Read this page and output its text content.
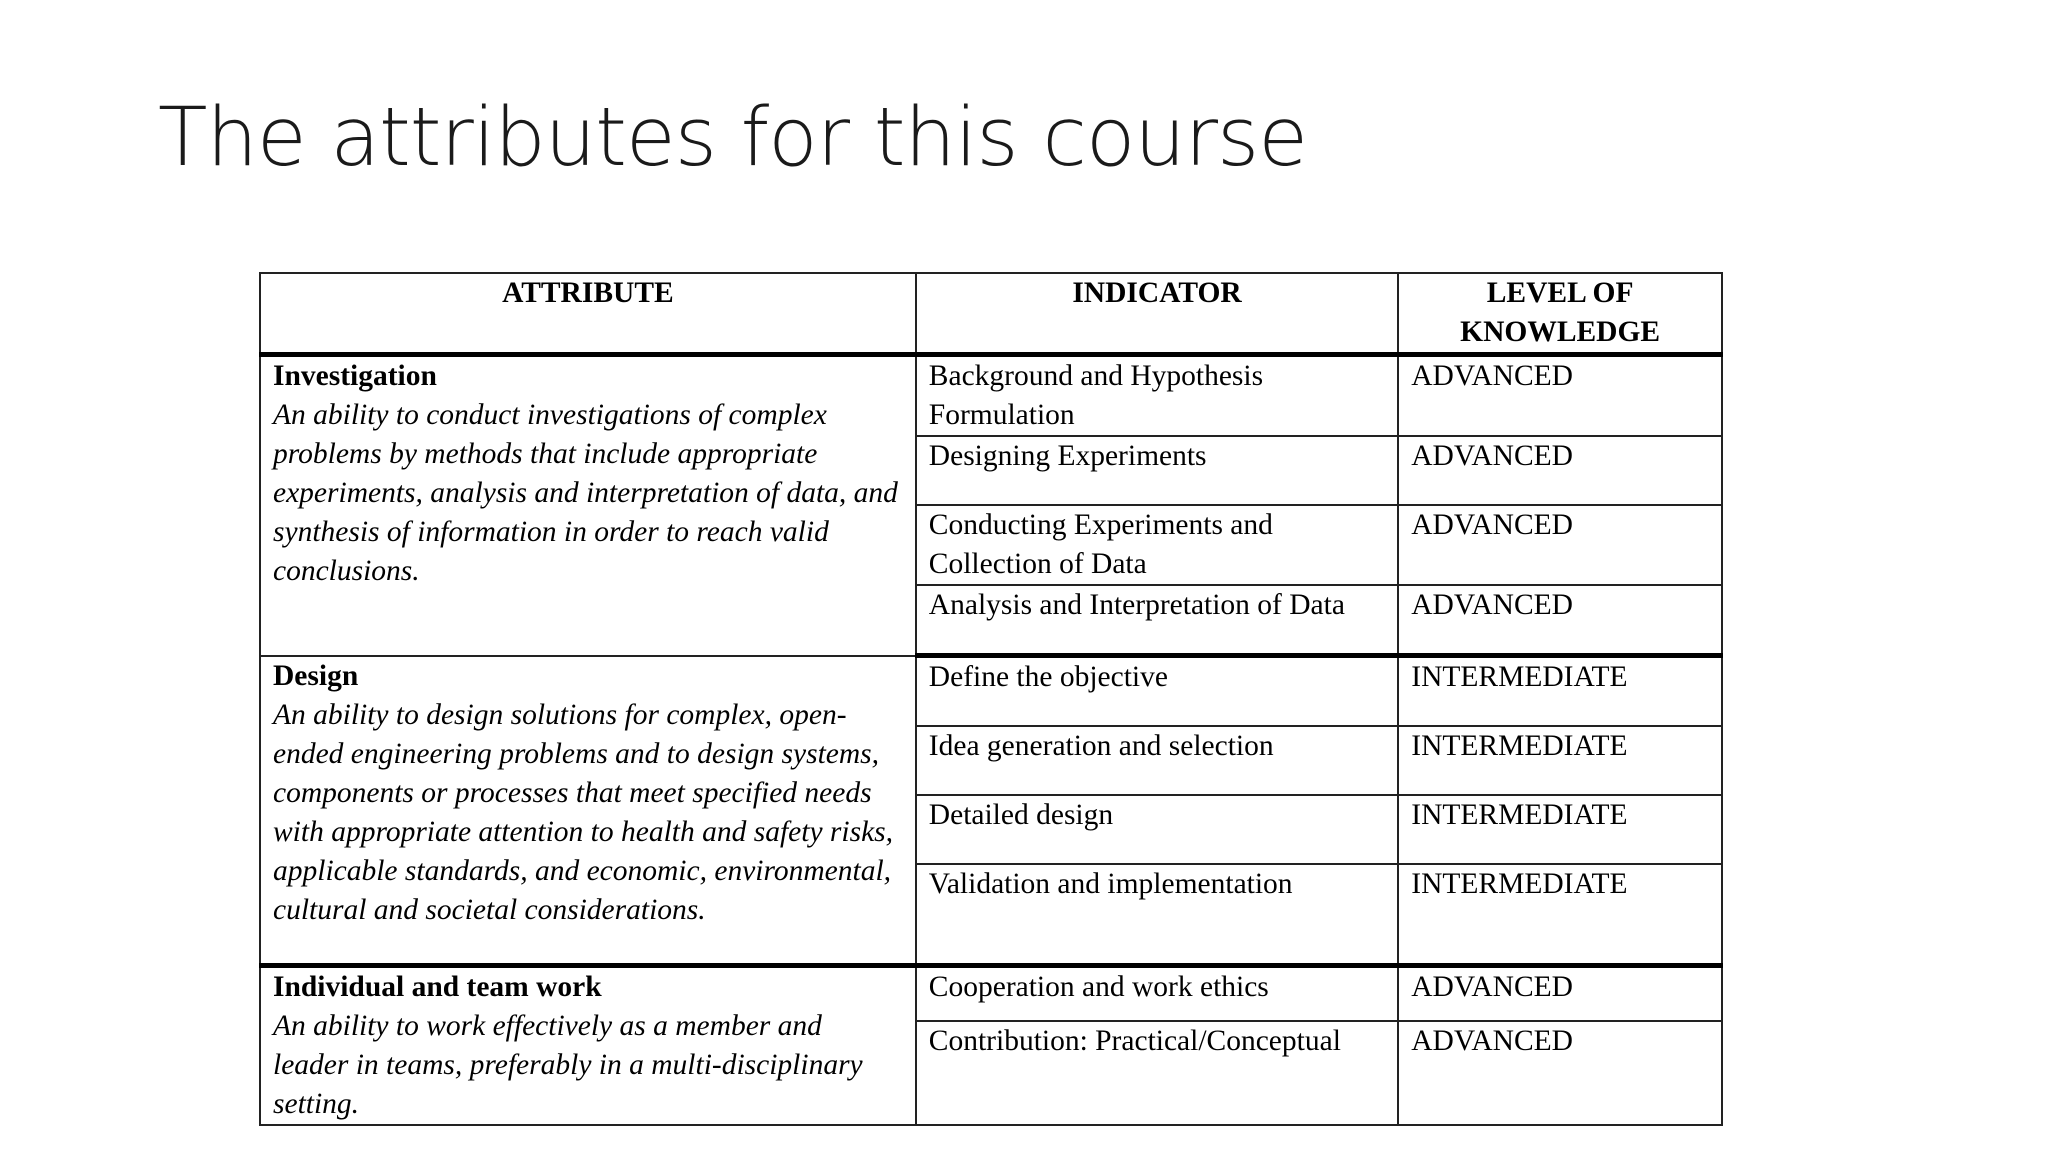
The attributes for this course
ATTRIBUTE	INDICATOR	LEVEL OF KNOWLEDGE

Investigation
An ability to conduct investigations of complex problems by methods that include appropriate experiments, analysis and interpretation of data, and synthesis of information in order to reach valid conclusions.	Background and Hypothesis Formulation	ADVANCED
	Designing Experiments	ADVANCED
	Conducting Experiments and Collection of Data	ADVANCED
	Analysis and Interpretation of Data	ADVANCED

Design
An ability to design solutions for complex, open-ended engineering problems and to design systems, components or processes that meet specified needs with appropriate attention to health and safety risks, applicable standards, and economic, environmental, cultural and societal considerations.	Define the objective	INTERMEDIATE
	Idea generation and selection	INTERMEDIATE
	Detailed design	INTERMEDIATE
	Validation and implementation	INTERMEDIATE

Individual and team work
An ability to work effectively as a member and leader in teams, preferably in a multi-disciplinary setting.	Cooperation and work ethics	ADVANCED
	Contribution: Practical/Conceptual	ADVANCED
